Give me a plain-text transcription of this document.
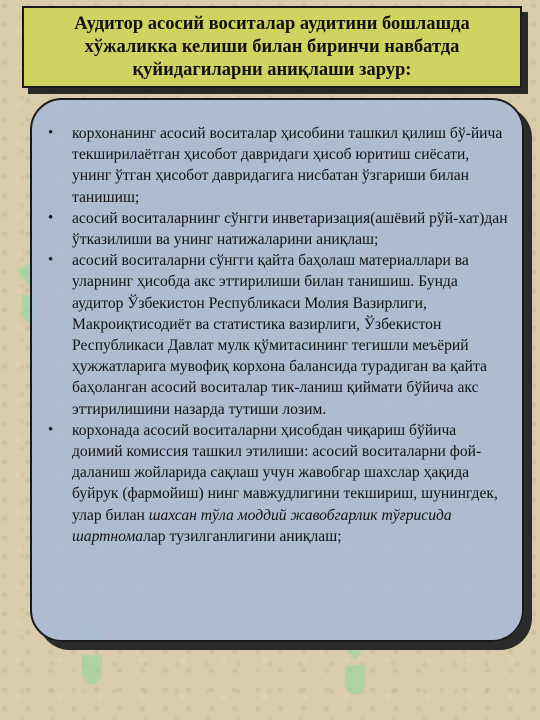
Аудитор асосий воситалар аудитини бошлашда хўжаликка келиши билан биринчи навбатда қуйидагиларни аниқлаши зарур:
• корхонанинг асосий воситалар ҳисобини ташкил қилиш бў-йича текширилаётган ҳисобот давридаги ҳисоб юритиш сиёсати, унинг ўтган ҳисобот давридагига нисбатан ўзгариши билан танишиш;
• асосий воситаларнинг сўнгги инветаризация(ашёвий рўй-хат)дан ўтказилиши ва унинг натижаларини аниқлаш;
• асосий воситаларни сўнгги қайта баҳолаш материаллари ва уларнинг ҳисобда акс эттирилиши билан танишиш. Бунда аудитор Ўзбекистон Республикаси Молия Вазирлиги, Макроиқтисодиёт ва статистика вазирлиги, Ўзбекистон Республикаси Давлат мулк қўмитасининг тегишли меъёрий ҳужжатларига мувофиқ корхона балансида турадиган ва қайта баҳоланган асосий воситалар тик-ланиш қиймати бўйича акс эттирилишини назарда тутиши лозим.
• корхонада асосий воситаларни ҳисобдан чиқариш бўйича доимий комиссия ташкил этилиши: асосий воситаларни фой-даланиш жойларида сақлаш учун жавобгар шахслар ҳақида буйрук (фармойиш) нинг мавжудлигини текшириш, шунингдек, улар билан шахсан тўла моддий жавобгарлик тўғрисида шартномалар тузилганлигини аниқлаш;
